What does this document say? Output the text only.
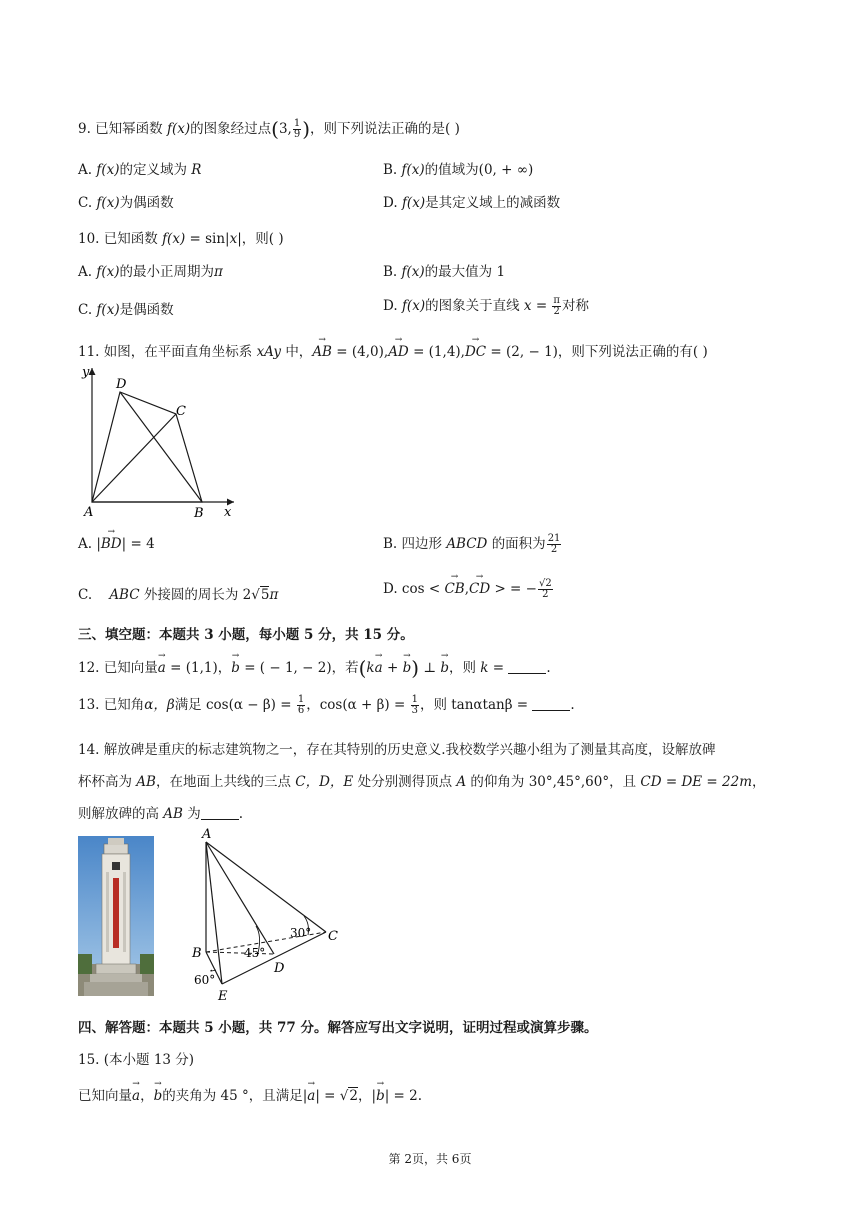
9. 已知幂函数 f(x)的图象经过点(3, $\frac{1}{9}$ )，则下列说法正确的是( )
A. f(x)的定义域为 R	B. f(x)的值域为(0, + ∞)
C. f(x)为偶函数	D. f(x)是其定义域上的减函数
10. 已知函数 f(x) = sin|x|，则( )
A. f(x)的最小正周期为π	B. f(x)的最大值为 1
C. f(x)是偶函数	D. f(x)的图象关于直线 $x = \frac{\pi}{2}$ 对称
11. 如图，在平面直角坐标系 xAy 中，→ AB = (4,0),→ AD = (1,4),→ DC = (2, − 1)，则下列说法正确的有( )
y
x
A	B
C
D
A. |→ BD| = 4	B. 四边形 ABCD 的面积为 $\frac{21}{2}$
C. ABC 外接圆的周长为 2√5π	D. cos < → CB,→ CD > = − $\frac{√2}{2}$
三、填空题：本题共 3 小题，每小题 5 分，共 15 分。
12. 已知向量→ a = (1,1)，→ b = ( − 1, − 2)，若(k→ a + → b) ⊥ → b，则 k =	.
13. 已知角α，β满足 $\cos(\alpha - \beta) = \frac{1}{6}$ ，$\cos(\alpha + \beta) = \frac{1}{3}$ ，则 tanαtanβ =	.
14. 解放碑是重庆的标志建筑物之一，存在其特别的历史意义.我校数学兴趣小组为了测量其高度，设解放碑
杯杯高为 AB，在地面上共线的三点 C，D，E 处分别测得顶点 A 的仰角为 30°,45°,60°，且 CD = DE = 22m，
则解放碑的高 AB 为	.
A
B
C
D
E
30°
45°
60°
四、解答题：本题共 5 小题，共 77 分。解答应写出文字说明，证明过程或演算步骤。
15. (本小题 13 分)
已知向量→ a，→ b的夹角为 45 °，且满足|→ a| = √2，|→ b| = 2.
第 2页，共 6页
